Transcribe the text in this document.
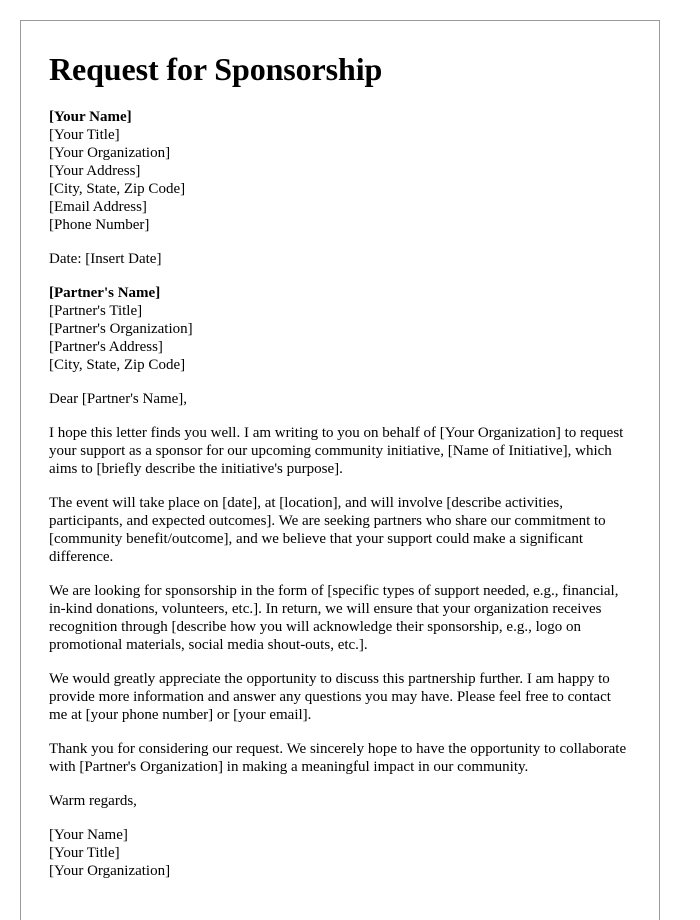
Request for Sponsorship
[Your Name]
[Your Title]
[Your Organization]
[Your Address]
[City, State, Zip Code]
[Email Address]
[Phone Number]
Date: [Insert Date]
[Partner's Name]
[Partner's Title]
[Partner's Organization]
[Partner's Address]
[City, State, Zip Code]
Dear [Partner's Name],

I hope this letter finds you well. I am writing to you on behalf of [Your Organization] to request your support as a sponsor for our upcoming community initiative, [Name of Initiative], which aims to [briefly describe the initiative's purpose].

The event will take place on [date], at [location], and will involve [describe activities, participants, and expected outcomes]. We are seeking partners who share our commitment to [community benefit/outcome], and we believe that your support could make a significant difference.

We are looking for sponsorship in the form of [specific types of support needed, e.g., financial, in-kind donations, volunteers, etc.]. In return, we will ensure that your organization receives recognition through [describe how you will acknowledge their sponsorship, e.g., logo on promotional materials, social media shout-outs, etc.].

We would greatly appreciate the opportunity to discuss this partnership further. I am happy to provide more information and answer any questions you may have. Please feel free to contact me at [your phone number] or [your email].

Thank you for considering our request. We sincerely hope to have the opportunity to collaborate with [Partner's Organization] in making a meaningful impact in our community.

Warm regards,
[Your Name]
[Your Title]
[Your Organization]
